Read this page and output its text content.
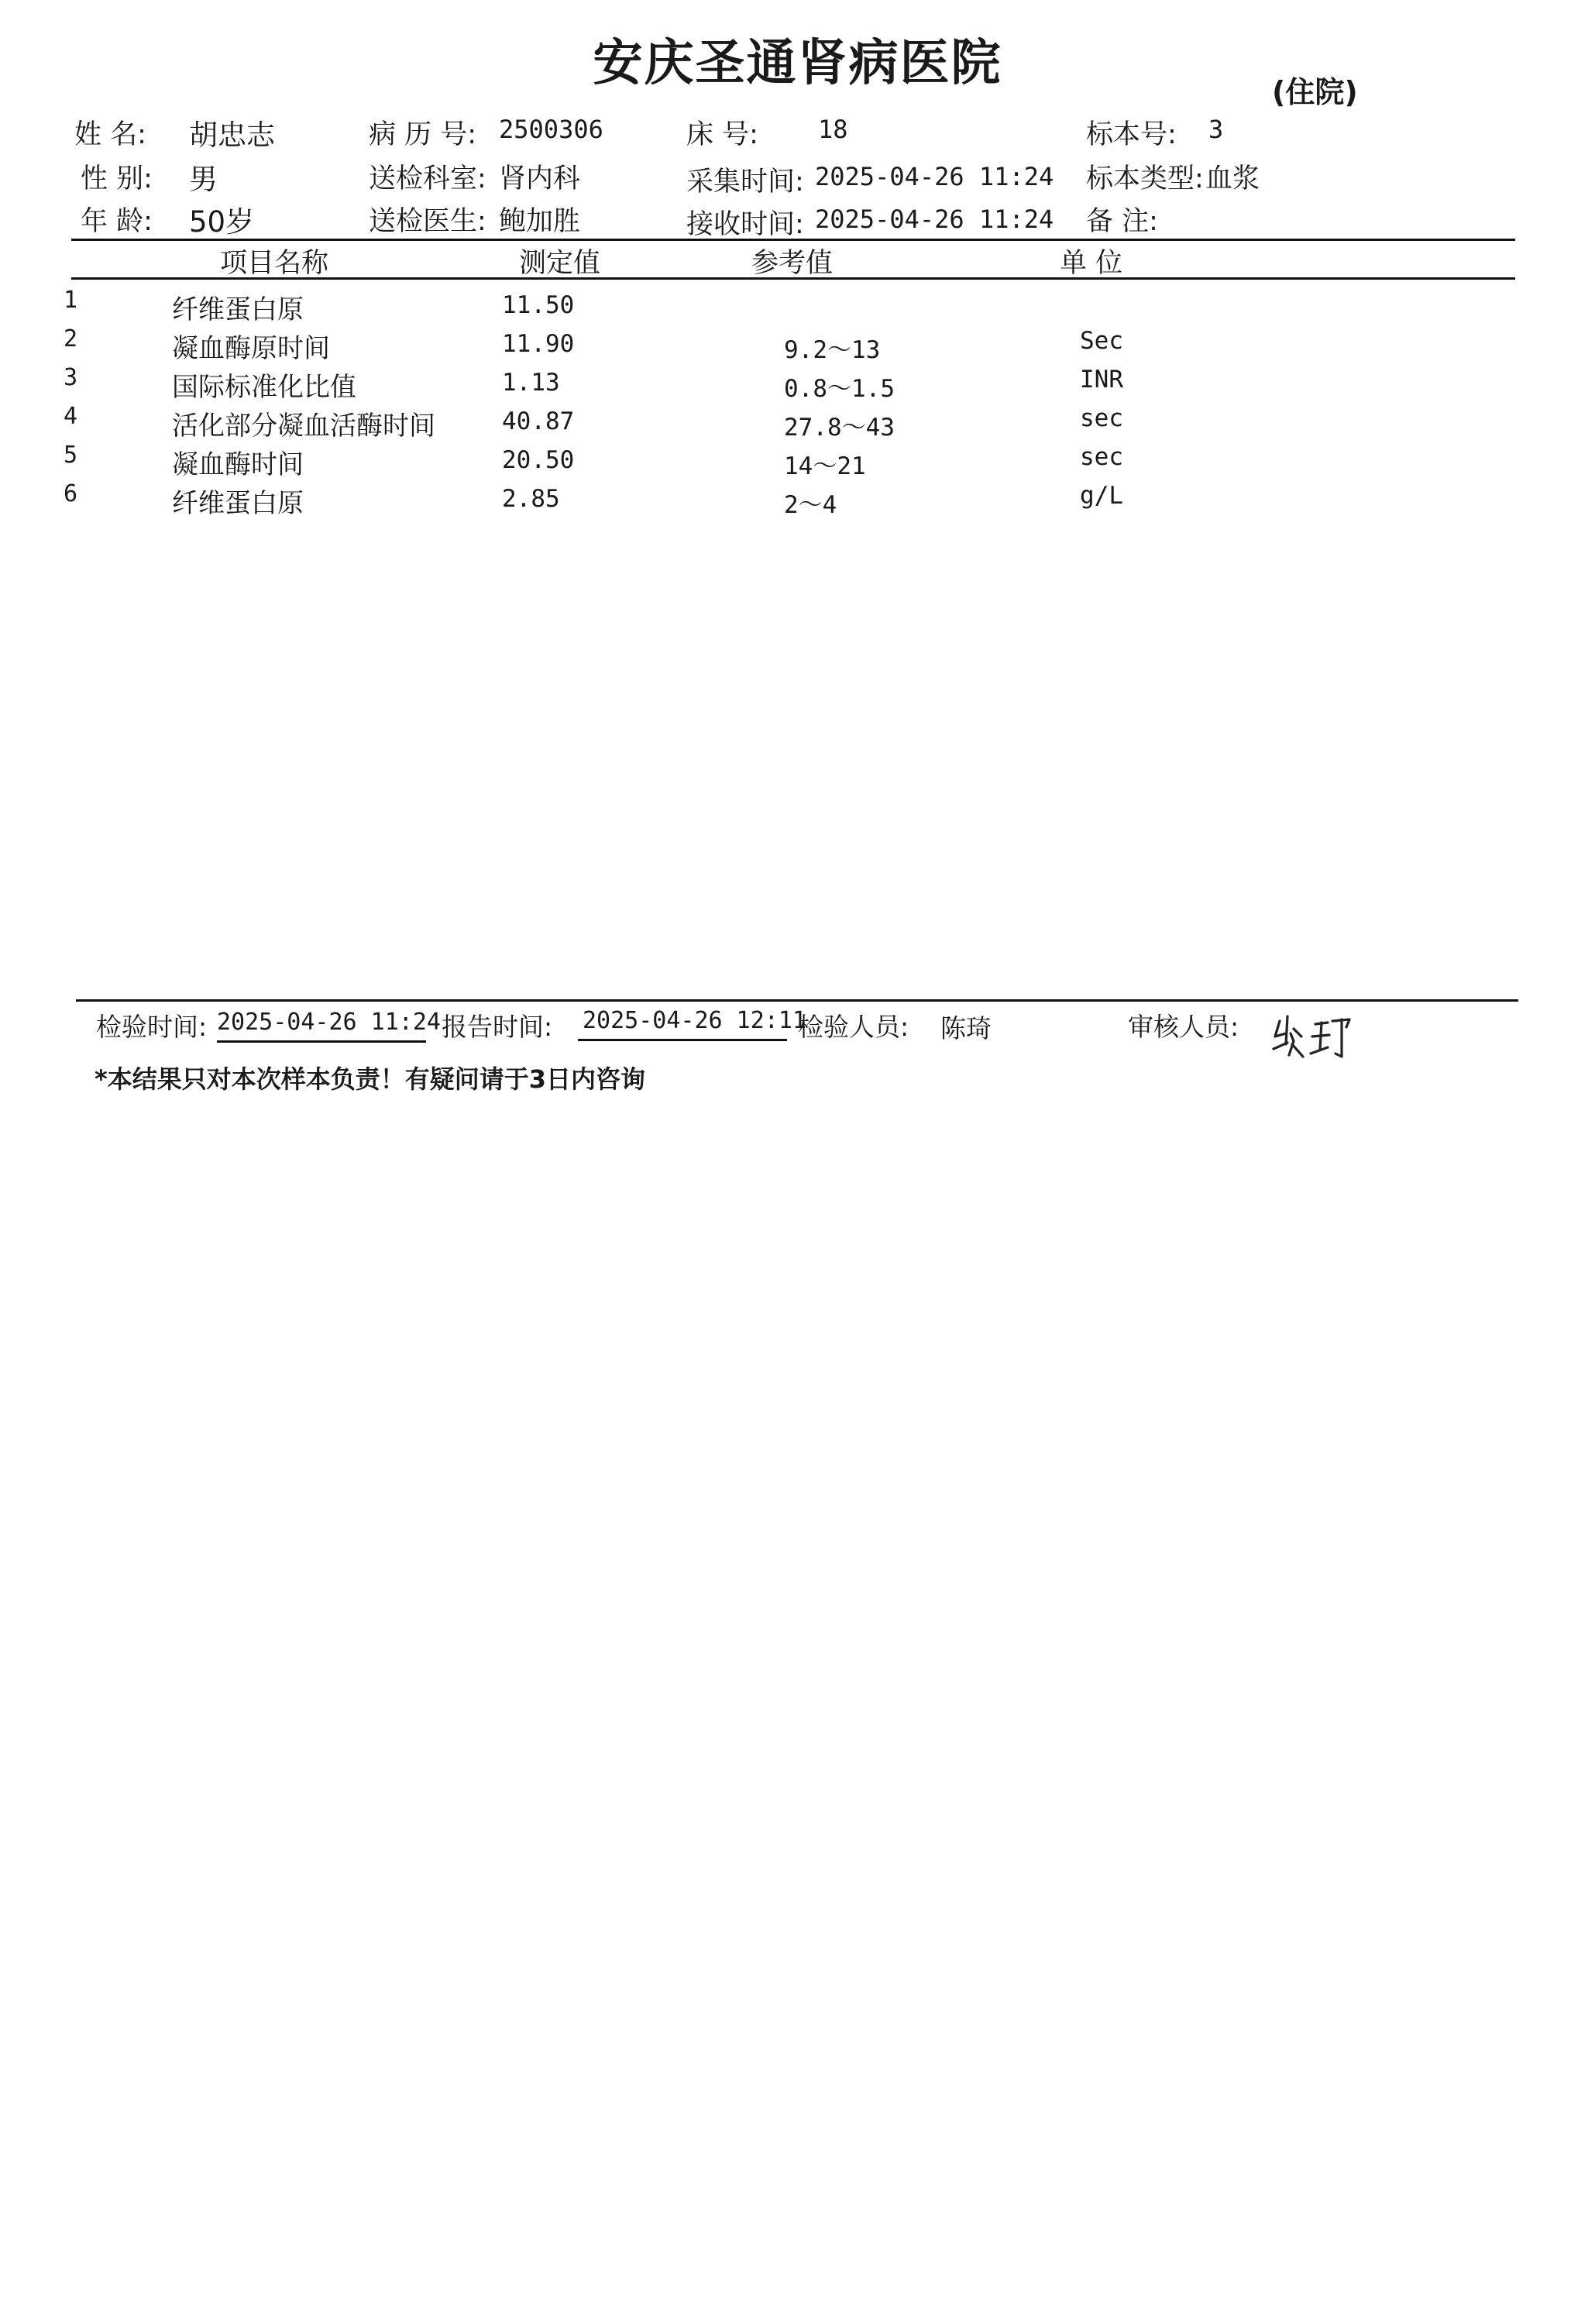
安庆圣通肾病医院	(住院)
姓 名: 胡忠志	病 历 号: 2500306	床 号: 18	标本号: 3
性 别: 男	送检科室: 肾内科	采集时间: 2025-04-26 11:24 标本类型: 血浆
年 龄: 50岁	送检医生: 鲍加胜	接收时间: 2025-04-26 11:24 备 注:
项目名称	测定值	参考值	单 位
1	纤维蛋白原	11.50
2	凝血酶原时间	11.90	9.2～13	Sec
3	国际标准化比值	1.13	0.8～1.5	INR
4	活化部分凝血活酶时间	40.87	27.8～43	sec
5	凝血酶时间	20.50	14～21	sec
6	纤维蛋白原	2.85	2～4	g/L
检验时间: 2025-04-26 11:24 报告时间: 2025-04-26 12:11
检验人员: 陈琦	审核人员:
*本结果只对本次样本负责！有疑问请于3日内咨询
